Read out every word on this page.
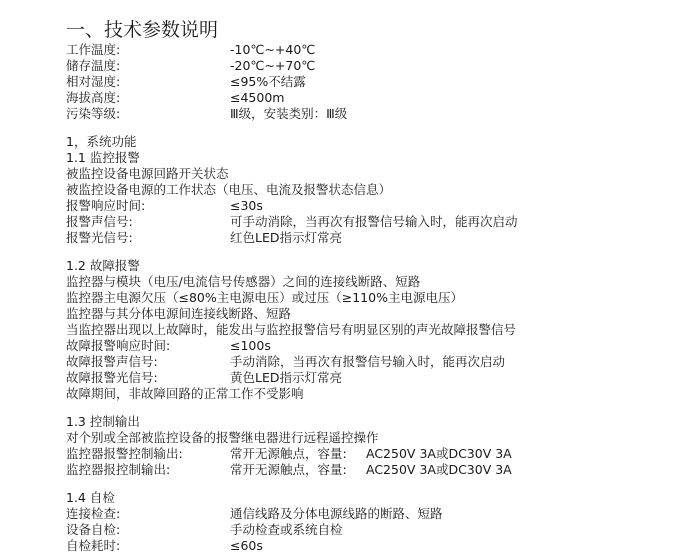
一、技术参数说明
工作温度:	-10℃~+40℃
储存温度:	-20℃~+70℃
相对湿度:	≤95%不结露
海拔高度:	≤4500m
污染等级:	Ⅲ级，安装类别：Ⅲ级
1，系统功能
1.1 监控报警
被监控设备电源回路开关状态
被监控设备电源的工作状态（电压、电流及报警状态信息）
报警响应时间:	≤30s
报警声信号:	可手动消除，当再次有报警信号输入时，能再次启动
报警光信号:	红色LED指示灯常亮
1.2 故障报警
监控器与模块（电压/电流信号传感器）之间的连接线断路、短路
监控器主电源欠压（≤80%主电源电压）或过压（≥110%主电源电压）
监控器与其分体电源间连接线断路、短路
当监控器出现以上故障时，能发出与监控报警信号有明显区别的声光故障报警信号
故障报警响应时间:	≤100s
故障报警声信号:	手动消除，当再次有报警信号输入时，能再次启动
故障报警光信号:	黄色LED指示灯常亮
故障期间，非故障回路的正常工作不受影响
1.3 控制输出
对个别或全部被监控设备的报警继电器进行远程遥控操作
监控器报警控制输出:	常开无源触点，容量: AC250V 3A或DC30V 3A
监控器报控制输出:	常开无源触点，容量: AC250V 3A或DC30V 3A
1.4 自检
连接检查:	通信线路及分体电源线路的断路、短路
设备自检:	手动检查或系统自检
自检耗时:	≤60s
